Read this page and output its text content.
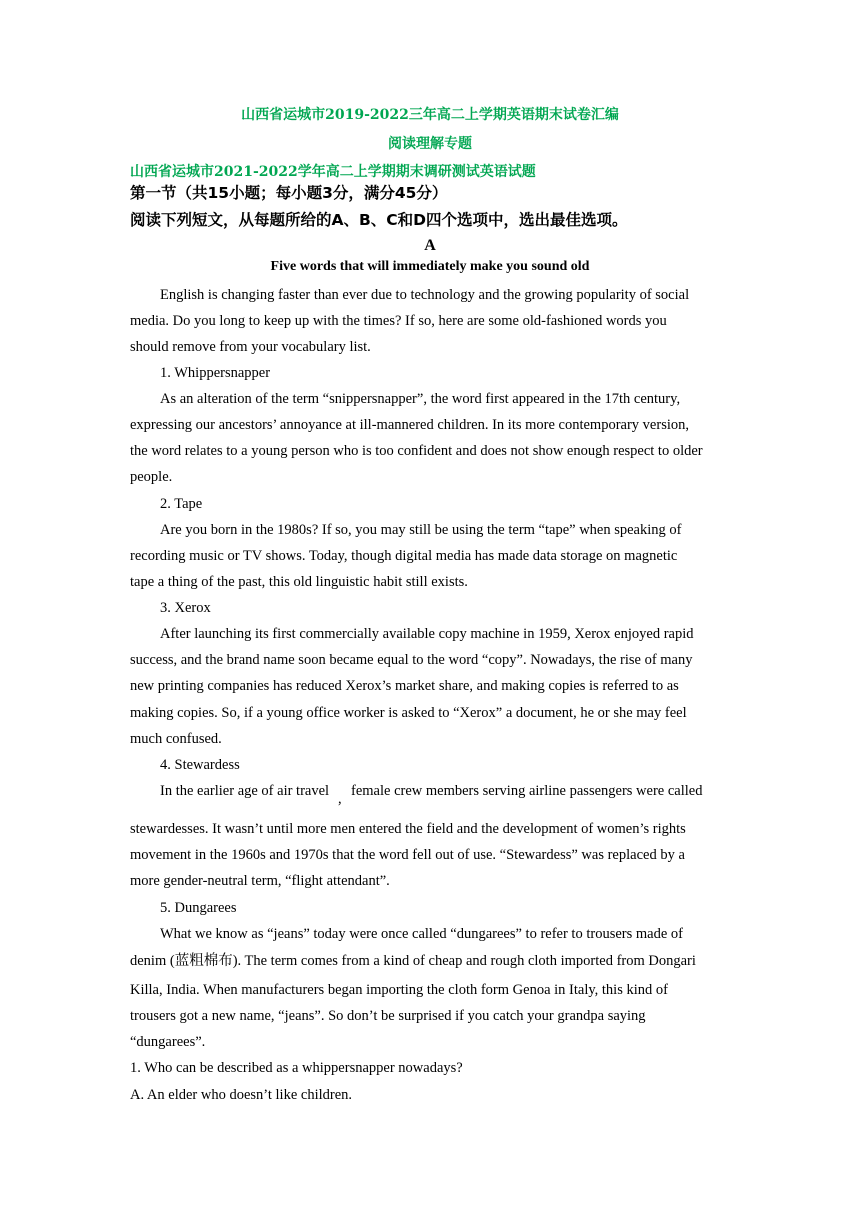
山西省运城市2019-2022三年高二上学期英语期末试卷汇编
阅读理解专题
山西省运城市2021-2022学年高二上学期期末调研测试英语试题
第一节（共15小题；每小题3分，满分45分）
阅读下列短文，从每题所给的A、B、C和D四个选项中，选出最佳选项。
A
Five words that will immediately make you sound old
English is changing faster than ever due to technology and the growing popularity of social
media. Do you long to keep up with the times? If so, here are some old-fashioned words you
should remove from your vocabulary list.
1. Whippersnapper
As an alteration of the term “snippersnapper”, the word first appeared in the 17th century,
expressing our ancestors’ annoyance at ill-mannered children. In its more contemporary version,
the word relates to a young person who is too confident and does not show enough respect to older
people.
2. Tape
Are you born in the 1980s? If so, you may still be using the term “tape” when speaking of
recording music or TV shows. Today, though digital media has made data storage on magnetic
tape a thing of the past, this old linguistic habit still exists.
3. Xerox
After launching its first commercially available copy machine in 1959, Xerox enjoyed rapid
success, and the brand name soon became equal to the word “copy”. Nowadays, the rise of many
new printing companies has reduced Xerox’s market share, and making copies is referred to as
making copies. So, if a young office worker is asked to “Xerox” a document, he or she may feel
much confused.
4. Stewardess
In the earlier age of air travel , female crew members serving airline passengers were called
stewardesses. It wasn’t until more men entered the field and the development of women’s rights
movement in the 1960s and 1970s that the word fell out of use. “Stewardess” was replaced by a
more gender-neutral term, “flight attendant”.
5. Dungarees
What we know as “jeans” today were once called “dungarees” to refer to trousers made of
denim (蓝粗棉布). The term comes from a kind of cheap and rough cloth imported from Dongari
Killa, India. When manufacturers began importing the cloth form Genoa in Italy, this kind of
trousers got a new name, “jeans”. So don’t be surprised if you catch your grandpa saying
“dungarees”.
1. Who can be described as a whippersnapper nowadays?
A. An elder who doesn’t like children.
